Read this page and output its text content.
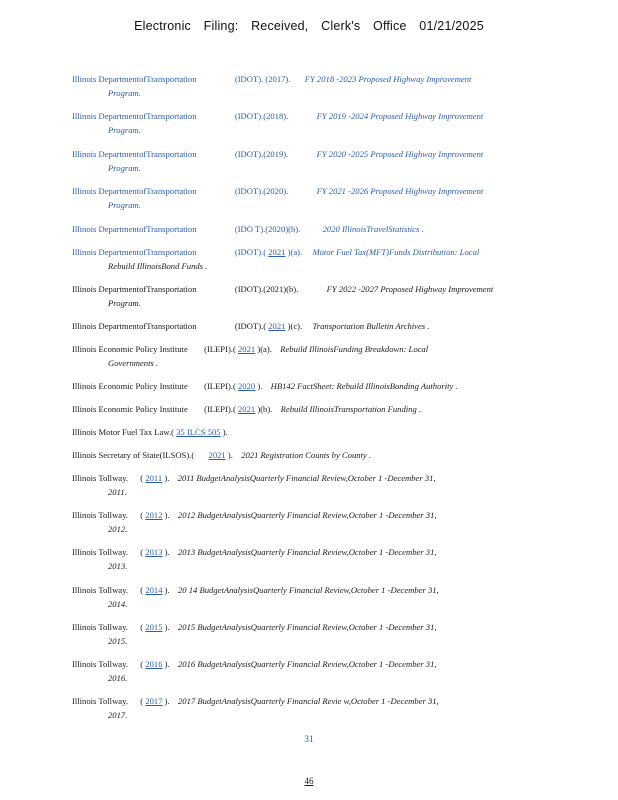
Electronic Filing: Received, Clerk's Office 01/21/2025
Illinois DepartmentofTransportation	(IDOT). (2017). FY 2018 -2023 Proposed Highway Improvement
Program.
Illinois DepartmentofTransportation	(IDOT).(2018).	FY 2019 -2024 Proposed Highway Improvement
Program.
Illinois DepartmentofTransportation	(IDOT).(2019).	FY 2020 -2025 Proposed Highway Improvement
Program.
Illinois DepartmentofTransportation	(IDOT).(2020).	FY 2021 -2026 Proposed Highway Improvement
Program.
Illinois DepartmentofTransportation	(IDO T).(2020)(b).	2020 IllinoisTravelStatistics .
Illinois DepartmentofTransportation	(IDOT).( 2021 )(a). Motor Fuel Tax(MFT)Funds Distribution: Local
Rebuild IllinoisBond Funds .
Illinois DepartmentofTransportation	(IDOT).(2021)(b).	FY 2022 -2027 Proposed Highway Improvement
Program.
Illinois DepartmentofTransportation	(IDOT).( 2021 )(c). Transportation Bulletin Archives .
Illinois Economic Policy Institute (ILEPI).( 2021 )(a). Rebuild IllinoisFunding Breakdown: Local
Governments .
Illinois Economic Policy Institute (ILEPI).( 2020 ). HB142 FactSheet: Rebuild IllinoisBonding Authority .
Illinois Economic Policy Institute (ILEPI).( 2021 )(b). Rebuild IllinoisTransportation Funding .
Illinois Motor Fuel Tax Law.( 35 ILCS 505 ).
Illinois Secretary of State(ILSOS).( 2021 ). 2021 Registration Counts by County .
Illinois Tollway. ( 2011 ). 2011 BudgetAnalysisQuarterly Financial Review,October 1 -December 31,
2011.
Illinois Tollway. ( 2012 ). 2012 BudgetAnalysisQuarterly Financial Review,October 1 -December 31,
2012.
Illinois Tollway. ( 2013 ). 2013 BudgetAnalysisQuarterly Financial Review,October 1 -December 31,
2013.
Illinois Tollway. ( 2014 ). 20 14 BudgetAnalysisQuarterly Financial Review,October 1 -December 31,
2014.
Illinois Tollway. ( 2015 ). 2015 BudgetAnalysisQuarterly Financial Review,October 1 -December 31,
2015.
Illinois Tollway. ( 2016 ). 2016 BudgetAnalysisQuarterly Financial Review,October 1 -December 31,
2016.
Illinois Tollway. ( 2017 ). 2017 BudgetAnalysisQuarterly Financial Revie w,October 1 -December 31,
2017.
31
46
